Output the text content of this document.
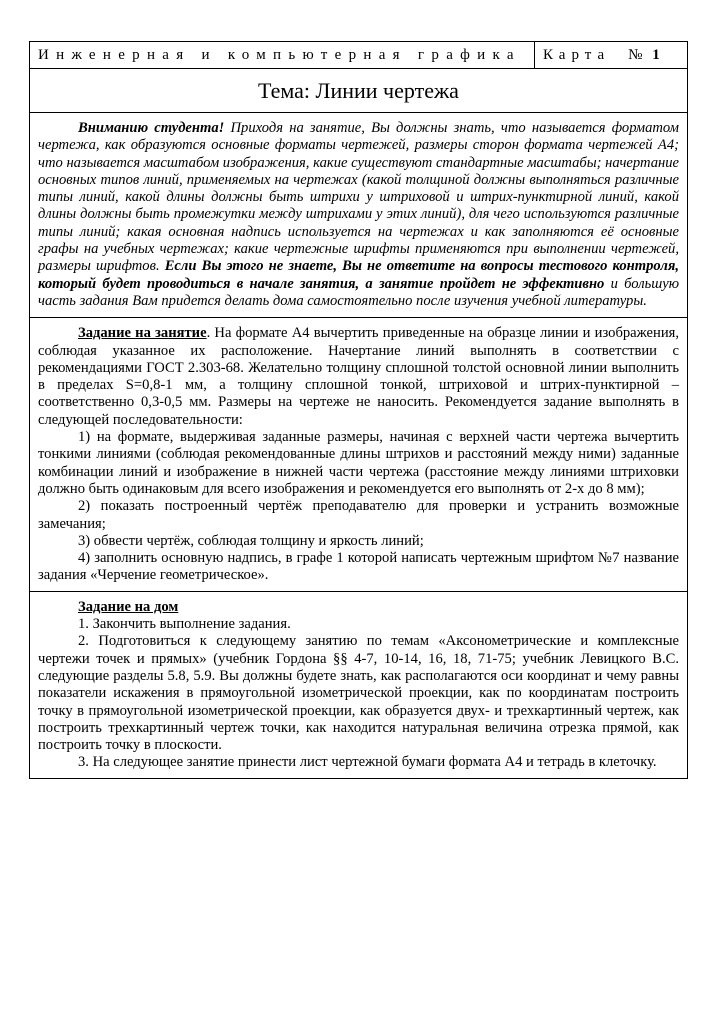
Инженерная и компьютерная графика	Карта № 1
Тема: Линии чертежа

Вниманию студента! Приходя на занятие, Вы должны знать, что называется форматом чертежа, как образуются основные форматы чертежей, размеры сторон формата чертежей А4; что называется масштабом изображения, какие существуют стандартные масштабы; начертание основных типов линий, применяемых на чертежах (какой толщиной должны выполняться различные типы линий, какой длины должны быть штрихи у штриховой и штрих-пунктирной линий, какой длины должны быть промежутки между штрихами у этих линий), для чего используются различные типы линий; какая основная надпись используется на чертежах и как заполняются её основные графы на учебных чертежах; какие чертежные шрифты применяются при выполнении чертежей, размеры шрифтов. Если Вы этого не знаете, Вы не ответите на вопросы тестового контроля, который будет проводиться в начале занятия, а занятие пройдет не эффективно и большую часть задания Вам придется делать дома самостоятельно после изучения учебной литературы.

Задание на занятие. На формате А4 вычертить приведенные на образце линии и изображения, соблюдая указанное их расположение. Начертание линий выполнять в соответствии с рекомендациями ГОСТ 2.303-68. Желательно толщину сплошной толстой основной линии выполнить в пределах S=0,8-1 мм, а толщину сплошной тонкой, штриховой и штрих-пунктирной – соответственно 0,3-0,5 мм. Размеры на чертеже не наносить. Рекомендуется задание выполнять в следующей последовательности:

1) на формате, выдерживая заданные размеры, начиная с верхней части чертежа вычертить тонкими линиями (соблюдая рекомендованные длины штрихов и расстояний между ними) заданные комбинации линий и изображение в нижней части чертежа (расстояние между линиями штриховки должно быть одинаковым для всего изображения и рекомендуется его выполнять от 2-х до 8 мм);

2) показать построенный чертёж преподавателю для проверки и устранить возможные замечания;

3) обвести чертёж, соблюдая толщину и яркость линий;

4) заполнить основную надпись, в графе 1 которой написать чертежным шрифтом №7 название задания «Черчение геометрическое».

Задание на дом

1. Закончить выполнение задания.

2. Подготовиться к следующему занятию по темам «Аксонометрические и комплексные чертежи точек и прямых» (учебник Гордона §§ 4-7, 10-14, 16, 18, 71-75; учебник Левицкого В.С. следующие разделы 5.8, 5.9. Вы должны будете знать, как располагаются оси координат и чему равны показатели искажения в прямоугольной изометрической проекции, как по координатам построить точку в прямоугольной изометрической проекции, как образуется двух- и трехкартинный чертеж, как построить трехкартинный чертеж точки, как находится натуральная величина отрезка прямой, как построить точку в плоскости.

3. На следующее занятие принести лист чертежной бумаги формата А4 и тетрадь в клеточку.
